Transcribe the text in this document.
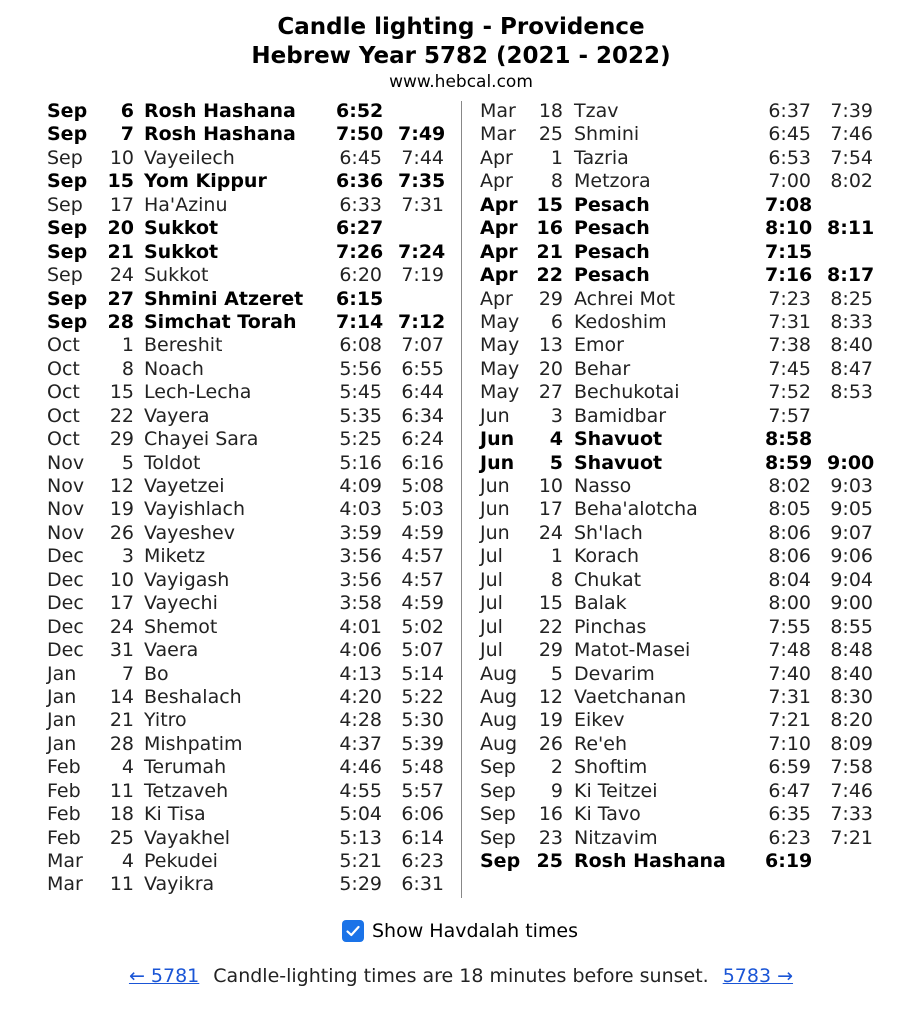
Candle lighting - Providence
Hebrew Year 5782 (2021 - 2022)
www.hebcal.com
Sep	6 Rosh Hashana 6:52
Sep	7 Rosh Hashana 7:50 7:49
Sep	10 Vayeilech	6:45 7:44
Sep	15 Yom Kippur	6:36 7:35
Sep	17 Ha'Azinu	6:33 7:31
Sep	20 Sukkot	6:27
Sep	21 Sukkot	7:26 7:24
Sep	24 Sukkot	6:20 7:19
Sep	27 Shmini Atzeret 6:15
Sep	28 Simchat Torah 7:14 7:12
Oct	1 Bereshit	6:08 7:07
Oct	8 Noach	5:56 6:55
Oct	15 Lech-Lecha	5:45 6:44
Oct	22 Vayera	5:35 6:34
Oct	29 Chayei Sara	5:25 6:24
Nov	5 Toldot	5:16 6:16
Nov	12 Vayetzei	4:09 5:08
Nov	19 Vayishlach	4:03 5:03
Nov	26 Vayeshev	3:59 4:59
Dec	3 Miketz	3:56 4:57
Dec	10 Vayigash	3:56 4:57
Dec	17 Vayechi	3:58 4:59
Dec	24 Shemot	4:01 5:02
Dec	31 Vaera	4:06 5:07
Jan	7 Bo	4:13 5:14
Jan	14 Beshalach	4:20 5:22
Jan	21 Yitro	4:28 5:30
Jan	28 Mishpatim	4:37 5:39
Feb	4 Terumah	4:46 5:48
Feb	11 Tetzaveh	4:55 5:57
Feb	18 Ki Tisa	5:04 6:06
Feb	25 Vayakhel	5:13 6:14
Mar	4 Pekudei	5:21 6:23
Mar	11 Vayikra	5:29 6:31
Mar	18 Tzav	6:37 7:39
Mar	25 Shmini	6:45 7:46
Apr	1 Tazria	6:53 7:54
Apr	8 Metzora	7:00 8:02
Apr 15 Pesach	7:08
Apr 16 Pesach	8:10 8:11
Apr 21 Pesach	7:15
Apr 22 Pesach	7:16 8:17
Apr	29 Achrei Mot	7:23 8:25
May	6 Kedoshim	7:31 8:33
May	13 Emor	7:38 8:40
May	20 Behar	7:45 8:47
May	27 Bechukotai	7:52 8:53
Jun	3 Bamidbar	7:57
Jun	4 Shavuot	8:58
Jun	5 Shavuot	8:59 9:00
Jun	10 Nasso	8:02 9:03
Jun	17 Beha'alotcha	8:05 9:05
Jun	24 Sh'lach	8:06 9:07
Jul	1 Korach	8:06 9:06
Jul	8 Chukat	8:04 9:04
Jul	15 Balak	8:00 9:00
Jul	22 Pinchas	7:55 8:55
Jul	29 Matot-Masei	7:48 8:48
Aug	5 Devarim	7:40 8:40
Aug	12 Vaetchanan	7:31 8:30
Aug	19 Eikev	7:21 8:20
Aug	26 Re'eh	7:10 8:09
Sep	2 Shoftim	6:59 7:58
Sep	9 Ki Teitzei	6:47 7:46
Sep	16 Ki Tavo	6:35 7:33
Sep	23 Nitzavim	6:23 7:21
Sep 25 Rosh Hashana 6:19
Show Havdalah times
← 5781 Candle-lighting times are 18 minutes before sunset. 5783 →
